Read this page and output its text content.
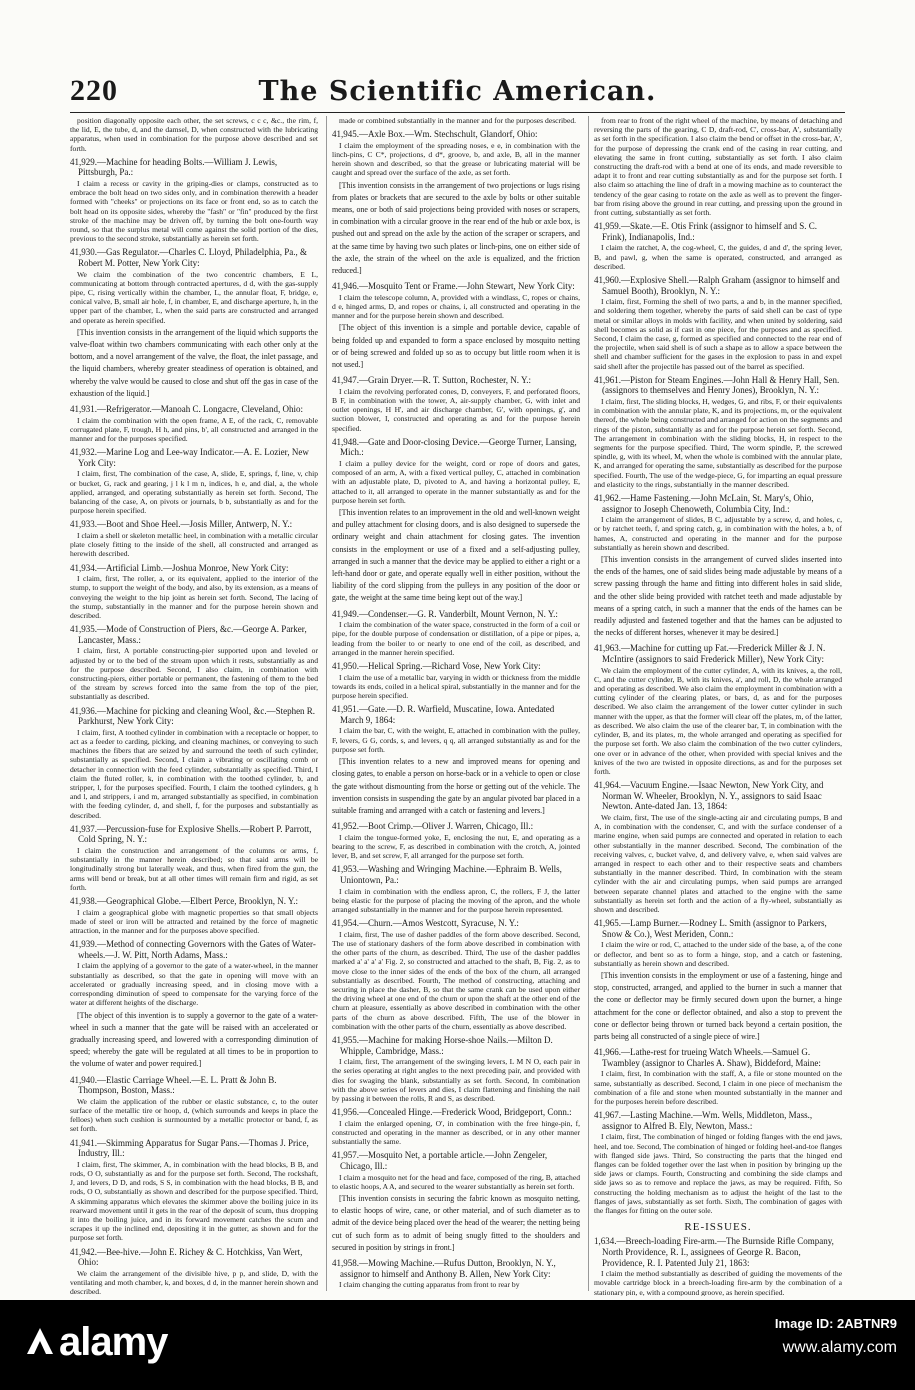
220	The Scientific American.

position diagonally opposite each other, the set screws, c c c, &c., the rim, f, the lid, E, the tube, d, and the damsel, D, when constructed with the lubricating apparatus, when used in combination for the purpose above described and set forth.

41,929.—Machine for heading Bolts.—William J. Lewis, Pittsburgh, Pa.:

I claim a recess or cavity in the griping-dies or clamps, constructed as to embrace the bolt head on two sides only, and in combination therewith a header formed with "cheeks" or projections on its face or front end, so as to catch the bolt head on its opposite sides, whereby the "fash" or "fin" produced by the first stroke of the machine may be driven off, by turning the bolt one-fourth way round, so that the surplus metal will come against the solid portion of the dies, previous to the second stroke, substantially as herein set forth.

41,930.—Gas Regulator.—Charles C. Lloyd, Philadelphia, Pa., & Robert M. Potter, New York City:

We claim the combination of the two concentric chambers, E L, communicating at bottom through contracted apertures, d d, with the gas-supply pipe, C, rising vertically within the chamber, L, the annular float, F, bridge, e, conical valve, B, small air hole, f, in chamber, E, and discharge aperture, h, in the upper part of the chamber, L, when the said parts are constructed and arranged and operate as herein specified.

[This invention consists in the arrangement of the liquid which supports the valve-float within two chambers communicating with each other only at the bottom, and a novel arrangement of the valve, the float, the inlet passage, and the liquid chambers, whereby greater steadiness of operation is obtained, and whereby the valve would be caused to close and shut off the gas in case of the exhaustion of the liquid.]

41,931.—Refrigerator.—Manoah C. Longacre, Cleveland, Ohio:

I claim the combination with the open frame, A E, of the rack, C, removable corrugated plate, F, trough, H h, and pins, b', all constructed and arranged in the manner and for the purposes specified.

41,932.—Marine Log and Lee-way Indicator.—A. E. Lozier, New York City:

I claim, first, The combination of the case, A, slide, E, springs, f, line, v, chip or bucket, G, rack and gearing, j l k l m n, indices, h e, and dial, a, the whole applied, arranged, and operating substantially as herein set forth. Second, The balancing of the case, A, on pivots or journals, b b, substantially as and for the purpose herein specified.

41,933.—Boot and Shoe Heel.—Josis Miller, Antwerp, N. Y.:

I claim a shell or skeleton metallic heel, in combination with a metallic circular plate closely fitting to the inside of the shell, all constructed and arranged as herewith described.

41,934.—Artificial Limb.—Joshua Monroe, New York City:

I claim, first, The roller, a, or its equivalent, applied to the interior of the stump, to support the weight of the body, and also, by its extension, as a means of conveying the weight to the hip joint as herein set forth. Second, The lacing of the stump, substantially in the manner and for the purpose herein shown and described.

41,935.—Mode of Construction of Piers, &c.—George A. Parker, Lancaster, Mass.:

I claim, first, A portable constructing-pier supported upon and leveled or adjusted by or to the bed of the stream upon which it rests, substantially as and for the purpose described. Second, I also claim, in combination with constructing-piers, either portable or permanent, the fastening of them to the bed of the stream by screws forced into the same from the top of the pier, substantially as described.

41,936.—Machine for picking and cleaning Wool, &c.—Stephen R. Parkhurst, New York City:

I claim, first, A toothed cylinder in combination with a receptacle or hopper, to act as a feeder to carding, picking, and cleaning machines, or conveying to such machines the fibers that are seized by and surround the teeth of such cylinder, substantially as specified. Second, I claim a vibrating or oscillating comb or detacher in connection with the feed cylinder, substantially as specified. Third, I claim the fluted roller, k, in combination with the toothed cylinder, b, and stripper, l, for the purposes specified. Fourth, I claim the toothed cylinders, g h and l, and strippers, i and m, arranged substantially as specified, in combination with the feeding cylinder, d, and shell, f, for the purposes and substantially as described.

41,937.—Percussion-fuse for Explosive Shells.—Robert P. Parrott, Cold Spring, N. Y.:

I claim the construction and arrangement of the columns or arms, f, substantially in the manner herein described; so that said arms will be longitudinally strong but laterally weak, and thus, when fired from the gun, the arms will bend or break, but at all other times will remain firm and rigid, as set forth.

41,938.—Geographical Globe.—Elbert Perce, Brooklyn, N. Y.:

I claim a geographical globe with magnetic properties so that small objects made of steel or iron will be attracted and retained by the force of magnetic attraction, in the manner and for the purposes above specified.

41,939.—Method of connecting Governors with the Gates of Water-wheels.—J. W. Pitt, North Adams, Mass.:

I claim the applying of a governor to the gate of a water-wheel, in the manner substantially as described, so that the gate in opening will move with an accelerated or gradually increasing speed, and in closing move with a corresponding diminution of speed to compensate for the varying force of the water at different heights of the discharge.

[The object of this invention is to supply a governor to the gate of a water-wheel in such a manner that the gate will be raised with an accelerated or gradually increasing speed, and lowered with a corresponding diminution of speed; whereby the gate will be regulated at all times to be in proportion to the volume of water and power required.]

41,940.—Elastic Carriage Wheel.—E. L. Pratt & John B. Thompson, Boston, Mass.:

We claim the application of the rubber or elastic substance, c, to the outer surface of the metallic tire or hoop, d, (which surrounds and keeps in place the felloes) when such cushion is surmounted by a metallic protector or band, f, as set forth.

41,941.—Skimming Apparatus for Sugar Pans.—Thomas J. Price, Industry, Ill.:

I claim, first, The skimmer, A, in combination with the head blocks, B B, and rods, O O, substantially as and for the purpose set forth. Second, The rockshaft, J, and levers, D D, and rods, S S, in combination with the head blocks, B B, and rods, O O, substantially as shown and described for the purpose specified. Third, A skimming apparatus which elevates the skimmer above the boiling juice in its rearward movement until it gets in the rear of the deposit of scum, thus dropping it into the boiling juice, and in its forward movement catches the scum and scrapes it up the inclined end, depositing it in the gutter, as shown and for the purpose set forth.

41,942.—Bee-hive.—John E. Richey & C. Hotchkiss, Van Wert, Ohio:

We claim the arrangement of the divisible hive, p p, and slide, D, with the ventilating and moth chamber, k, and boxes, d d, in the manner herein shown and described.

made or combined substantially in the manner and for the purposes described.

41,945.—Axle Box.—Wm. Stechschult, Glandorf, Ohio:

I claim the employment of the spreading noses, e e, in combination with the linch-pins, C C*, projections, d d*, groove, b, and axle, B, all in the manner herein shown and described, so that the grease or lubricating material will be caught and spread over the surface of the axle, as set forth.

[This invention consists in the arrangement of two projections or lugs rising from plates or brackets that are secured to the axle by bolts or other suitable means, one or both of said projections being provided with noses or scrapers, in combination with a circular groove in the rear end of the hub or axle box, is pushed out and spread on the axle by the action of the scraper or scrapers, and at the same time by having two such plates or linch-pins, one on either side of the axle, the strain of the wheel on the axle is equalized, and the friction reduced.]

41,946.—Mosquito Tent or Frame.—John Stewart, New York City:

I claim the telescope column, A, provided with a windlass, C, ropes or chains, d e, hinged arms, D, and ropes or chains, i, all constructed and operating in the manner and for the purpose herein shown and described.

[The object of this invention is a simple and portable device, capable of being folded up and expanded to form a space enclosed by mosquito netting or of being screwed and folded up so as to occupy but little room when it is not used.]

41,947.—Grain Dryer.—R. T. Sutton, Rochester, N. Y.:

I claim the revolving perforated cones, D, conveyers, F, and perforated floors, B F, in combination with the tower, A, air-supply chamber, G, with inlet and outlet openings, H H', and air discharge chamber, G', with openings, g', and suction blower, I, constructed and operating as and for the purpose herein specified.

41,948.—Gate and Door-closing Device.—George Turner, Lansing, Mich.:

I claim a pulley device for the weight, cord or rope of doors and gates, composed of an arm, A, with a fixed vertical pulley, C, attached in combination with an adjustable plate, D, pivoted to A, and having a horizontal pulley, E, attached to it, all arranged to operate in the manner substantially as and for the purpose herein set forth.

[This invention relates to an improvement in the old and well-known weight and pulley attachment for closing doors, and is also designed to supersede the ordinary weight and chain attachment for closing gates. The invention consists in the employment or use of a fixed and a self-adjusting pulley, arranged in such a manner that the device may be applied to either a right or a left-hand door or gate, and operate equally well in either position, without the liability of the cord slipping from the pulleys in any position of the door or gate, the weight at the same time being kept out of the way.]

41,949.—Condenser.—G. R. Vanderbilt, Mount Vernon, N. Y.:

I claim the combination of the water space, constructed in the form of a coil or pipe, for the double purpose of condensation or distillation, of a pipe or pipes, a, leading from the boiler to or nearly to one end of the coil, as described, and arranged in the manner herein specified.

41,950.—Helical Spring.—Richard Vose, New York City:

I claim the use of a metallic bar, varying in width or thickness from the middle towards its ends, coiled in a helical spiral, substantially in the manner and for the purpose herein specified.

41,951.—Gate.—D. R. Warfield, Muscatine, Iowa. Antedated March 9, 1864:

I claim the bar, C, with the weight, E, attached in combination with the pulley, F, levers, G G, cords, s, and levers, q q, all arranged substantially as and for the purpose set forth.

[This invention relates to a new and improved means for opening and closing gates, to enable a person on horse-back or in a vehicle to open or close the gate without dismounting from the horse or getting out of the vehicle. The invention consists in suspending the gate by an angular pivoted bar placed in a suitable framing and arranged with a catch or fastening and levers.]

41,952.—Boot Crimp.—Oliver J. Warren, Chicago, Ill.:

I claim the tongue-formed yoke, E, enclosing the nut, E, and operating as a bearing to the screw, F, as described in combination with the crotch, A, jointed lever, B, and set screw, F, all arranged for the purpose set forth.

41,953.—Washing and Wringing Machine.—Ephraim B. Wells, Uniontown, Pa.:

I claim in combination with the endless apron, C, the rollers, F J, the latter being elastic for the purpose of placing the moving of the apron, and the whole arranged substantially in the manner and for the purpose herein represented.

41,954.—Churn.—Amos Westcott, Syracuse, N. Y.:

I claim, first, The use of dasher paddles of the form above described. Second, The use of stationary dashers of the form above described in combination with the other parts of the churn, as described. Third, The use of the dasher paddles marked a' a' a' a' Fig. 2, so constructed and attached to the shaft, B, Fig. 2, as to move close to the inner sides of the ends of the box of the churn, all arranged substantially as described. Fourth, The method of constructing, attaching and securing in place the dasher, B, so that the same crank can be used upon either the driving wheel at one end of the churn or upon the shaft at the other end of the churn at pleasure, essentially as above described in combination with the other parts of the churn as above described. Fifth, The use of the blower in combination with the other parts of the churn, essentially as above described.

41,955.—Machine for making Horse-shoe Nails.—Milton D. Whipple, Cambridge, Mass.:

I claim, first, The arrangement of the swinging levers, L M N O, each pair in the series operating at right angles to the next preceding pair, and provided with dies for swaging the blank, substantially as set forth. Second, In combination with the above series of levers and dies, I claim flattening and finishing the nail by passing it between the rolls, R and S, as described.

41,956.—Concealed Hinge.—Frederick Wood, Bridgeport, Conn.:

I claim the enlarged opening, O', in combination with the free hinge-pin, f, constructed and operating in the manner as described, or in any other manner substantially the same.

41,957.—Mosquito Net, a portable article.—John Zengeler, Chicago, Ill.:

I claim a mosquito net for the head and face, composed of the ring, B, attached to elastic hoops, A A, and secured to the wearer substantially as herein set forth.

[This invention consists in securing the fabric known as mosquito netting, to elastic hoops of wire, cane, or other material, and of such diameter as to admit of the device being placed over the head of the wearer; the netting being cut of such form as to admit of being snugly fitted to the shoulders and secured in position by strings in front.]

41,958.—Mowing Machine.—Rufus Dutton, Brooklyn, N. Y., assignor to himself and Anthony B. Allen, New York City:

I claim changing the cutting apparatus from front to rear by

from rear to front of the right wheel of the machine, by means of detaching and reversing the parts of the gearing, C D, draft-rod, C', cross-bar, A', substantially as set forth in the specification. I also claim the bend or offset in the cross-bar, A', for the purpose of depressing the crank end of the casing in rear cutting, and elevating the same in front cutting, substantially as set forth. I also claim constructing the draft-rod with a bend at one of its ends, and made reversible to adapt it to front and rear cutting substantially as and for the purpose set forth. I also claim so attaching the line of draft in a mowing machine as to counteract the tendency of the gear casing to rotate on the axle as well as to prevent the finger-bar from rising above the ground in rear cutting, and pressing upon the ground in front cutting, substantially as set forth.

41,959.—Skate.—E. Otis Frink (assignor to himself and S. C. Frink), Indianapolis, Ind.:

I claim the ratchet, A, the cog-wheel, C, the guides, d and d', the spring lever, B, and pawl, g, when the same is operated, constructed, and arranged as described.

41,960.—Explosive Shell.—Ralph Graham (assignor to himself and Samuel Booth), Brooklyn, N. Y.:

I claim, first, Forming the shell of two parts, a and b, in the manner specified, and soldering them together, whereby the parts of said shell can be cast of type metal or similar alloys in molds with facility, and when united by soldering, said shell becomes as solid as if cast in one piece, for the purposes and as specified. Second, I claim the case, g, formed as specified and connected to the rear end of the projectile, when said shell is of such a shape as to allow a space between the shell and chamber sufficient for the gases in the explosion to pass in and expel said shell after the projectile has passed out of the barrel as specified.

41,961.—Piston for Steam Engines.—John Hall & Henry Hall, Sen. (assignors to themselves and Henry Jones), Brooklyn, N. Y.:

I claim, first, The sliding blocks, H, wedges, G, and ribs, F, or their equivalents in combination with the annular plate, K, and its projections, m, or the equivalent thereof, the whole being constructed and arranged for action on the segments and rings of the piston, substantially as and for the purpose herein set forth. Second, The arrangement in combination with the sliding blocks, H, in respect to the segments for the purpose specified. Third, The worm spindle, P, the screwed spindle, g, with its wheel, M, when the whole is combined with the annular plate, K, and arranged for operating the same, substantially as described for the purpose specified. Fourth, The use of the wedge-piece, G, for imparting an equal pressure and elasticity to the rings, substantially in the manner described.

41,962.—Hame Fastening.—John McLain, St. Mary's, Ohio, assignor to Joseph Chenoweth, Columbia City, Ind.:

I claim the arrangement of slides, B C, adjustable by a screw, d, and holes, c, or by ratchet teeth, f, and spring catch, g, in combination with the holes, a b, of hames, A, constructed and operating in the manner and for the purpose substantially as herein shown and described.

[This invention consists in the arrangement of curved slides inserted into the ends of the hames, one of said slides being made adjustable by means of a screw passing through the hame and fitting into different holes in said slide, and the other slide being provided with ratchet teeth and made adjustable by means of a spring catch, in such a manner that the ends of the hames can be readily adjusted and fastened together and that the hames can be adjusted to the necks of different horses, whenever it may be desired.]

41,963.—Machine for cutting up Fat.—Frederick Miller & J. N. McIntire (assignors to said Frederick Miller), New York City:

We claim the employment of the cutter cylinder, A, with its knives, a, the roll, C, and the cutter cylinder, B, with its knives, a', and roll, D, the whole arranged and operating as described. We also claim the employment in combination with a cutting cylinder of the clearing plates, or bars, d, as and for the purposes described. We also claim the arrangement of the lower cutter cylinder in such manner with the upper, as that the former will clear off the plates, m, of the latter, as described. We also claim the use of the clearer bar, T, in combination with the cylinder, B, and its plates, m, the whole arranged and operating as specified for the purpose set forth. We also claim the combination of the two cutter cylinders, one over or in advance of the other, when provided with special knives and the knives of the two are twisted in opposite directions, as and for the purposes set forth.

41,964.—Vacuum Engine.—Isaac Newton, New York City, and Norman W. Wheeler, Brooklyn, N. Y., assignors to said Isaac Newton. Ante-dated Jan. 13, 1864:

We claim, first, The use of the single-acting air and circulating pumps, B and A, in combination with the condenser, C, and with the surface condenser of a marine engine, when said pumps are connected and operated in relation to each other substantially in the manner described. Second, The combination of the receiving valves, c, bucket valve, d, and delivery valve, e, when said valves are arranged in respect to each other and to their respective seats and chambers substantially in the manner described. Third, In combination with the steam cylinder with the air and circulating pumps, when said pumps are arranged between separate channel plates and attached to the engine with the same substantially as herein set forth and the action of a fly-wheel, substantially as shown and described.

41,965.—Lamp Burner.—Rodney L. Smith (assignor to Parkers, Snow & Co.), West Meriden, Conn.:

I claim the wire or rod, C, attached to the under side of the base, a, of the cone or deflector, and bent so as to form a hinge, stop, and a catch or fastening, substantially as herein shown and described.

[This invention consists in the employment or use of a fastening, hinge and stop, constructed, arranged, and applied to the burner in such a manner that the cone or deflector may be firmly secured down upon the burner, a hinge attachment for the cone or deflector obtained, and also a stop to prevent the cone or deflector being thrown or turned back beyond a certain position, the parts being all constructed of a single piece of wire.]

41,966.—Lathe-rest for trueing Watch Wheels.—Samuel G. Twambley (assignor to Charles A. Shaw), Biddeford, Maine:

I claim, first, In combination with the staff, A, a file or stone mounted on the same, substantially as described. Second, I claim in one piece of mechanism the combination of a file and stone when mounted substantially in the manner and for the purposes herein before described.

41,967.—Lasting Machine.—Wm. Wells, Middleton, Mass., assignor to Alfred B. Ely, Newton, Mass.:

I claim, first, The combination of hinged or folding flanges with the end jaws, heel, and toe. Second, The combination of hinged or folding heel-and-toe flanges with flanged side jaws. Third, So constructing the parts that the hinged end flanges can be folded together over the last when in position by bringing up the side jaws or clamps. Fourth, Constructing and combining the side clamps and side jaws so as to remove and replace the jaws, as may be required. Fifth, So constructing the holding mechanism as to adjust the height of the last to the flanges of jaws, substantially as set forth. Sixth, The combination of gages with the flanges for fitting on the outer sole.

RE-ISSUES.
1,634.—Breech-loading Fire-arm.—The Burnside Rifle Company, North Providence, R. I., assignees of George R. Bacon, Providence, R. I. Patented July 21, 1863:

I claim the method substantially as described of guiding the movements of the movable cartridge block in a breech-loading fire-arm by the combination of a stationary pin, e, with a compound groove, as herein specified.

alamy	Image ID: 2ABTNR9
www.alamy.com
